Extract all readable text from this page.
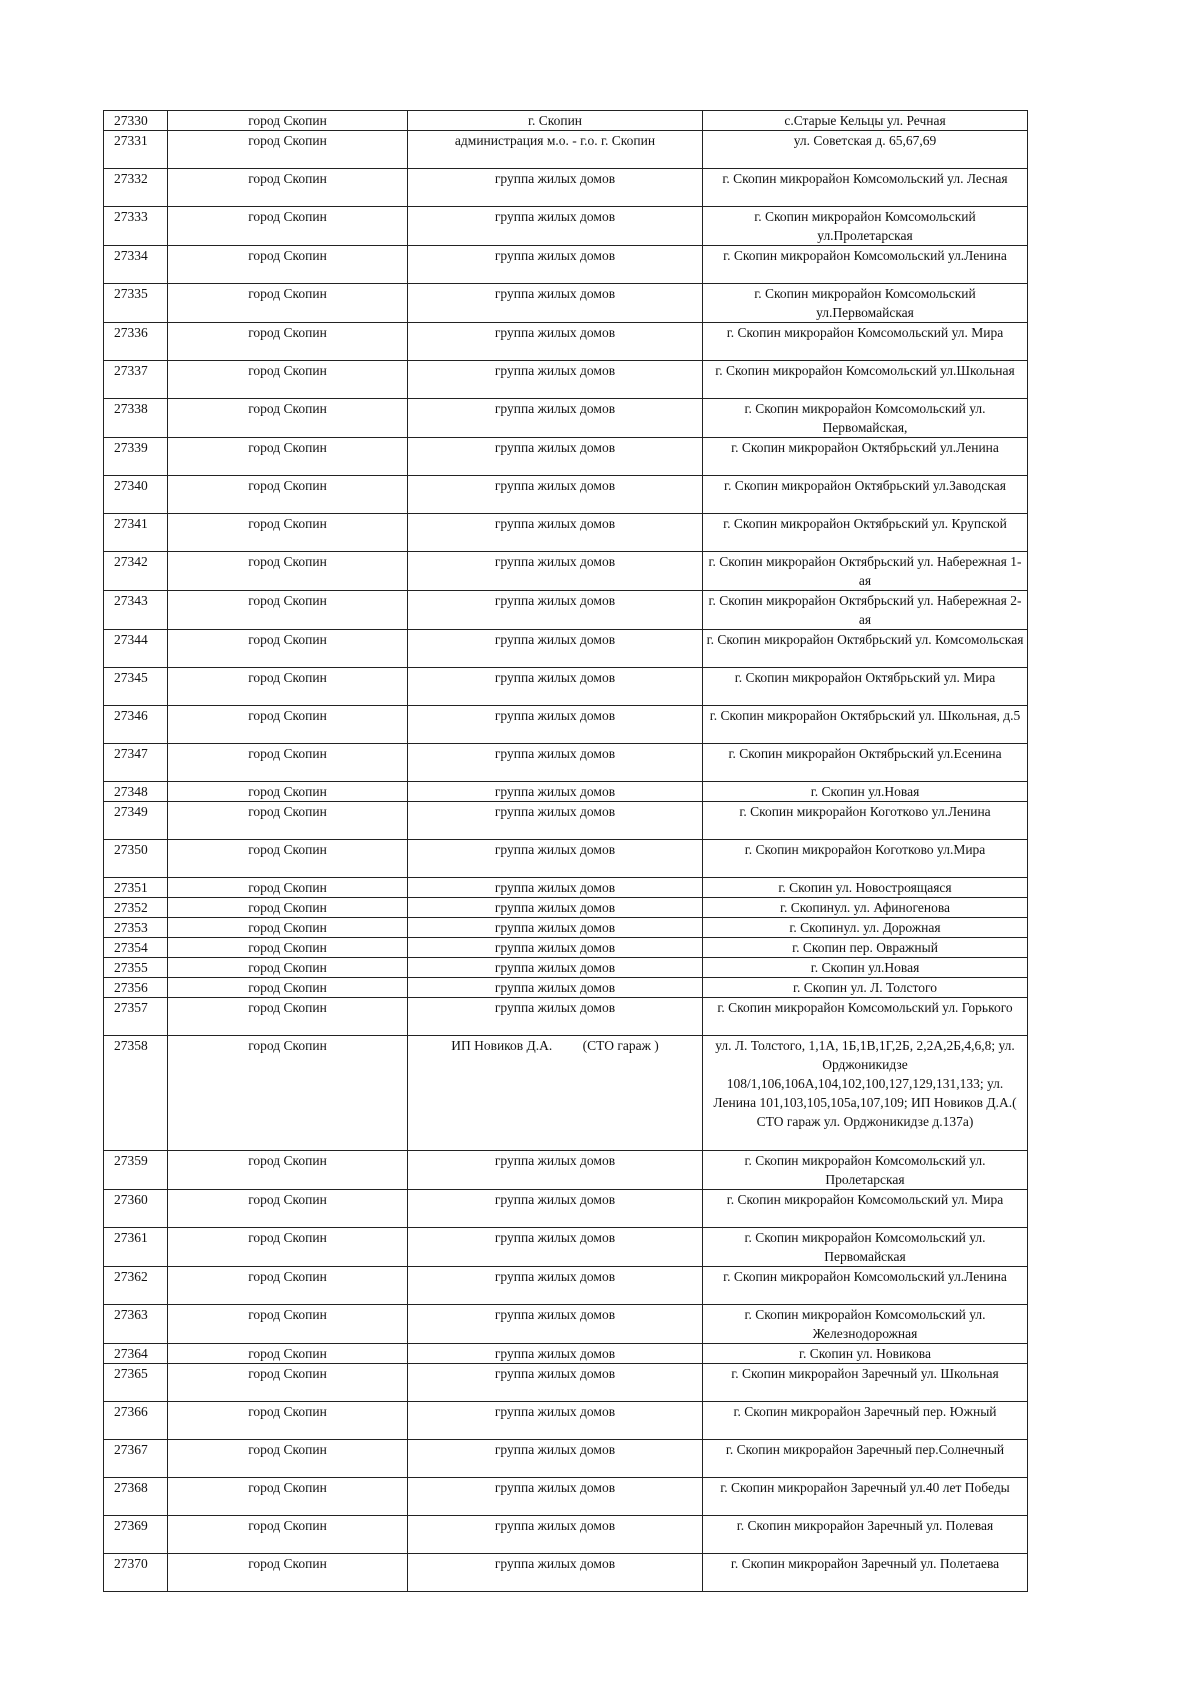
27330	город Скопин	г. Скопин	с.Старые Кельцы ул. Речная
27331	город Скопин	администрация м.о. - г.о. г. Скопин	ул. Советская д. 65,67,69
27332	город Скопин	группа жилых домов	г. Скопин микрорайон Комсомольский ул. Лесная
27333	город Скопин	группа жилых домов	г. Скопин микрорайон Комсомольский ул.Пролетарская
27334	город Скопин	группа жилых домов	г. Скопин микрорайон Комсомольский ул.Ленина
27335	город Скопин	группа жилых домов	г. Скопин микрорайон Комсомольский ул.Первомайская
27336	город Скопин	группа жилых домов	г. Скопин микрорайон Комсомольский ул. Мира
27337	город Скопин	группа жилых домов	г. Скопин микрорайон Комсомольский ул.Школьная
27338	город Скопин	группа жилых домов	г. Скопин микрорайон Комсомольский ул. Первомайская,
27339	город Скопин	группа жилых домов	г. Скопин микрорайон Октябрьский ул.Ленина
27340	город Скопин	группа жилых домов	г. Скопин микрорайон Октябрьский ул.Заводская
27341	город Скопин	группа жилых домов	г. Скопин микрорайон Октябрьский ул. Крупской
27342	город Скопин	группа жилых домов	г. Скопин микрорайон Октябрьский ул. Набережная 1-ая
27343	город Скопин	группа жилых домов	г. Скопин микрорайон Октябрьский ул. Набережная 2-ая
27344	город Скопин	группа жилых домов	г. Скопин микрорайон Октябрьский ул. Комсомольская
27345	город Скопин	группа жилых домов	г. Скопин микрорайон Октябрьский ул. Мира
27346	город Скопин	группа жилых домов	г. Скопин микрорайон Октябрьский ул. Школьная, д.5
27347	город Скопин	группа жилых домов	г. Скопин микрорайон Октябрьский ул.Есенина
27348	город Скопин	группа жилых домов	г. Скопин ул.Новая
27349	город Скопин	группа жилых домов	г. Скопин микрорайон Коготково ул.Ленина
27350	город Скопин	группа жилых домов	г. Скопин микрорайон Коготково ул.Мира
27351	город Скопин	группа жилых домов	г. Скопин ул. Новостроящаяся
27352	город Скопин	группа жилых домов	г. Скопинул. ул. Афиногенова
27353	город Скопин	группа жилых домов	г. Скопинул. ул. Дорожная
27354	город Скопин	группа жилых домов	г. Скопин пер. Овражный
27355	город Скопин	группа жилых домов	г. Скопин ул.Новая
27356	город Скопин	группа жилых домов	г. Скопин ул. Л. Толстого
27357	город Скопин	группа жилых домов	г. Скопин микрорайон Комсомольский ул. Горького
27358	город Скопин	ИП Новиков Д.А.         (СТО гараж )	ул. Л. Толстого, 1,1А, 1Б,1В,1Г,2Б, 2,2А,2Б,4,6,8; ул. Орджоникидзе 108/1,106,106А,104,102,100,127,129,131,133; ул. Ленина 101,103,105,105а,107,109; ИП Новиков Д.А.( СТО гараж ул. Орджоникидзе д.137а)
27359	город Скопин	группа жилых домов	г. Скопин микрорайон Комсомольский ул. Пролетарская
27360	город Скопин	группа жилых домов	г. Скопин микрорайон Комсомольский ул. Мира
27361	город Скопин	группа жилых домов	г. Скопин микрорайон Комсомольский ул. Первомайская
27362	город Скопин	группа жилых домов	г. Скопин микрорайон Комсомольский ул.Ленина
27363	город Скопин	группа жилых домов	г. Скопин микрорайон Комсомольский ул. Железнодорожная
27364	город Скопин	группа жилых домов	г. Скопин ул. Новикова
27365	город Скопин	группа жилых домов	г. Скопин микрорайон Заречный ул. Школьная
27366	город Скопин	группа жилых домов	г. Скопин микрорайон Заречный пер. Южный
27367	город Скопин	группа жилых домов	г. Скопин микрорайон Заречный пер.Солнечный
27368	город Скопин	группа жилых домов	г. Скопин микрорайон Заречный ул.40 лет Победы
27369	город Скопин	группа жилых домов	г. Скопин микрорайон Заречный ул. Полевая
27370	город Скопин	группа жилых домов	г. Скопин микрорайон Заречный ул. Полетаева
